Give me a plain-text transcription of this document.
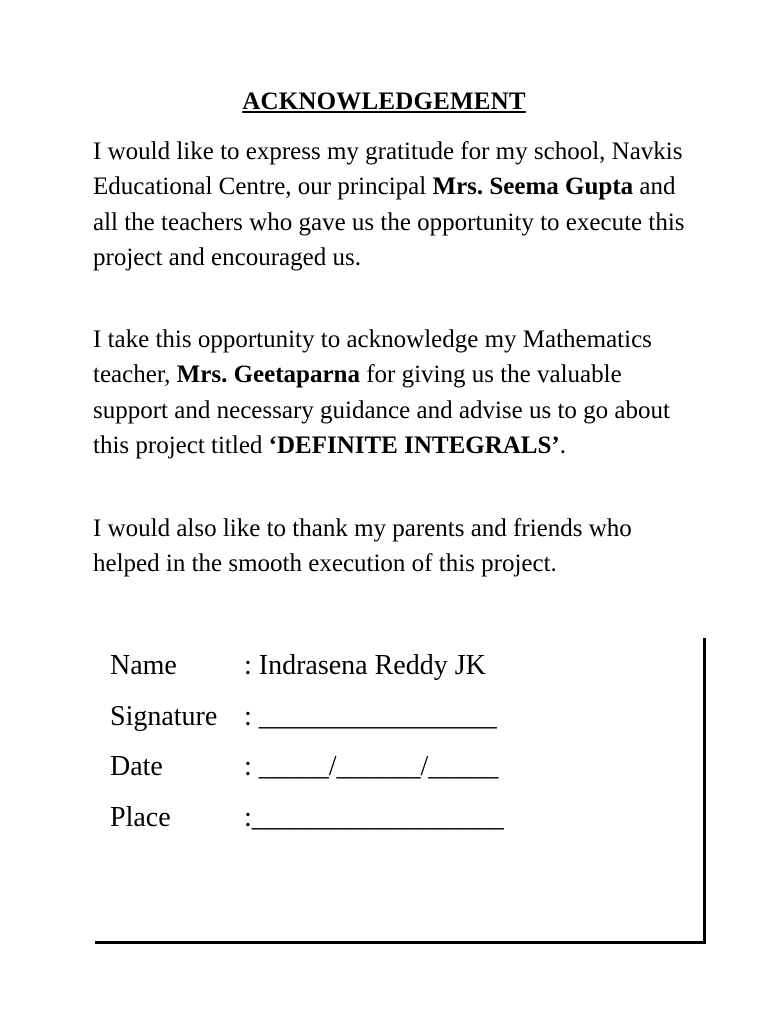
ACKNOWLEDGEMENT

I would like to express my gratitude for my school, Navkis Educational Centre, our principal Mrs. Seema Gupta and all the teachers who gave us the opportunity to execute this project and encouraged us.

I take this opportunity to acknowledge my Mathematics teacher, Mrs. Geetaparna for giving us the valuable support and necessary guidance and advise us to go about this project titled ‘DEFINITE INTEGRALS’.

I would also like to thank my parents and friends who helped in the smooth execution of this project.

Name : Indrasena Reddy JK
Signature : _________________
Date	: _____/______/_____
Place	:__________________
